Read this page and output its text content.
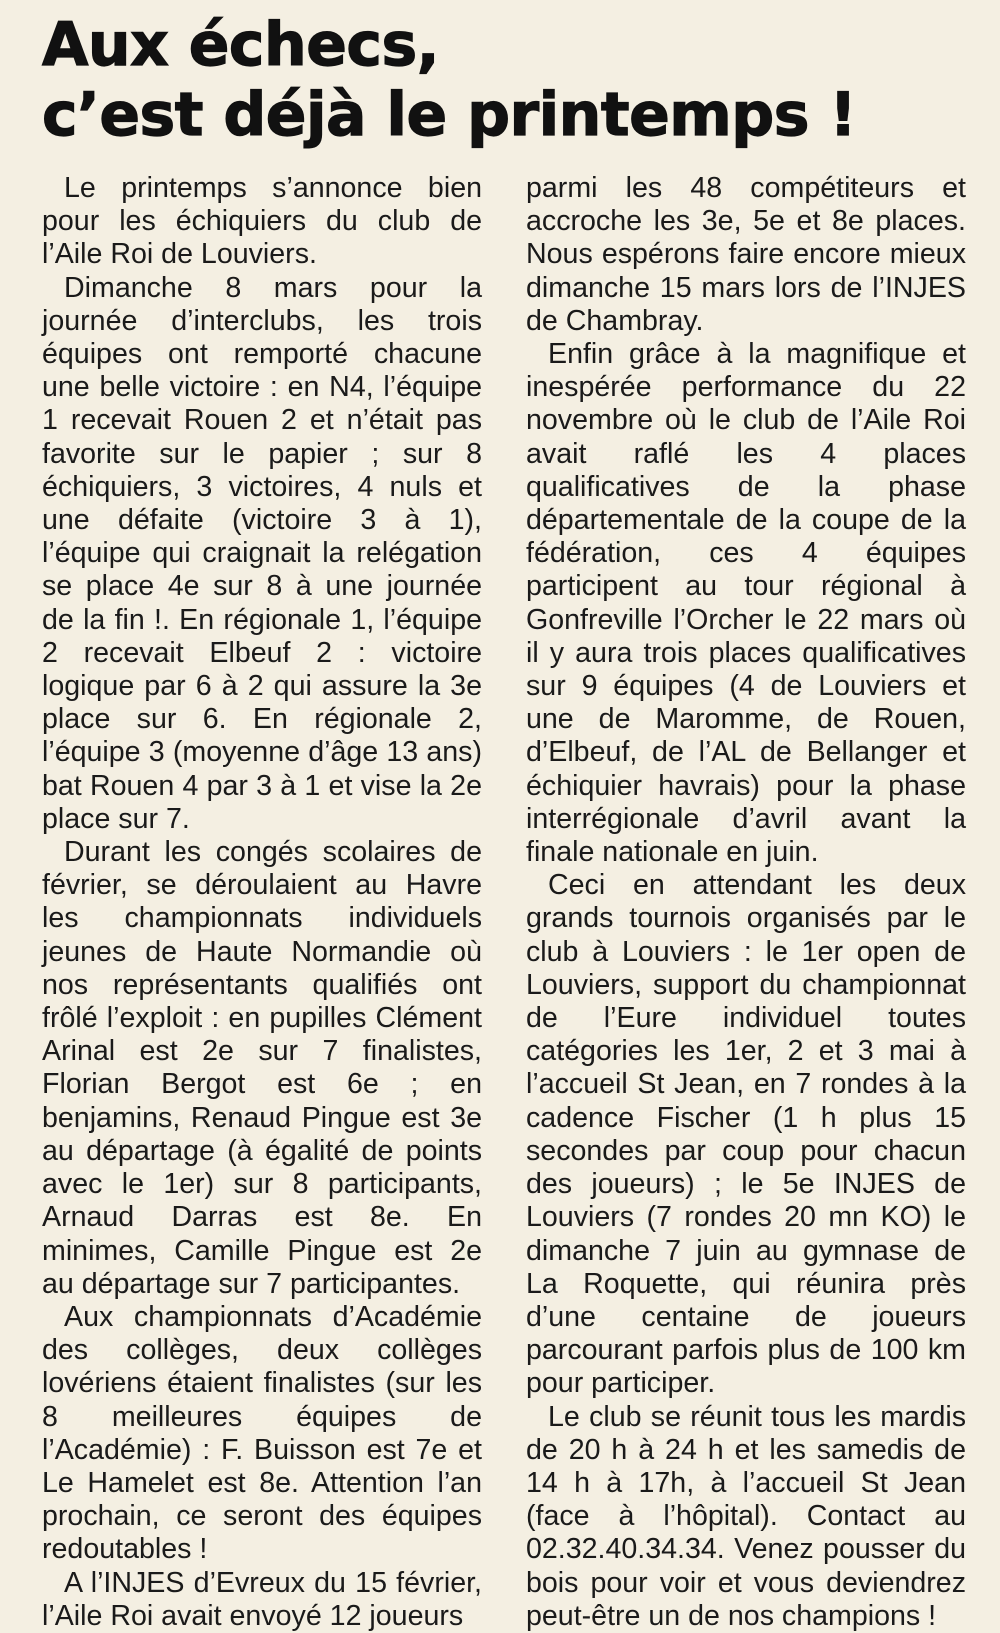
Aux échecs,
c’est déjà le printemps !

Le printemps s’annonce bien pour les échiquiers du club de l’Aile Roi de Louviers.

Dimanche 8 mars pour la journée d’interclubs, les trois équipes ont remporté chacune une belle victoire : en N4, l’équipe 1 recevait Rouen 2 et n’était pas favorite sur le papier ; sur 8 échiquiers, 3 victoires, 4 nuls et une défaite (victoire 3 à 1), l’équipe qui craignait la relégation se place 4e sur 8 à une journée de la fin !. En régionale 1, l’équipe 2 recevait Elbeuf 2 : victoire logique par 6 à 2 qui assure la 3e place sur 6. En régionale 2, l’équipe 3 (moyenne d’âge 13 ans) bat Rouen 4 par 3 à 1 et vise la 2e place sur 7.

Durant les congés scolaires de février, se déroulaient au Havre les championnats individuels jeunes de Haute Normandie où nos représentants qualifiés ont frôlé l’exploit : en pupilles Clément Arinal est 2e sur 7 finalistes, Florian Bergot est 6e ; en benjamins, Renaud Pingue est 3e au départage (à égalité de points avec le 1er) sur 8 participants, Arnaud Darras est 8e. En minimes, Camille Pingue est 2e au départage sur 7 participantes.

Aux championnats d’Académie des collèges, deux collèges lovériens étaient finalistes (sur les 8 meilleures équipes de l’Académie) : F. Buisson est 7e et Le Hamelet est 8e. Attention l’an prochain, ce seront des équipes redoutables !

A l’INJES d’Evreux du 15 février, l’Aile Roi avait envoyé 12 joueurs

parmi les 48 compétiteurs et accroche les 3e, 5e et 8e places. Nous espérons faire encore mieux dimanche 15 mars lors de l’INJES de Chambray.

Enfin grâce à la magnifique et inespérée performance du 22 novembre où le club de l’Aile Roi avait raflé les 4 places qualificatives de la phase départementale de la coupe de la fédération, ces 4 équipes participent au tour régional à Gonfreville l’Orcher le 22 mars où il y aura trois places qualificatives sur 9 équipes (4 de Louviers et une de Maromme, de Rouen, d’Elbeuf, de l’AL de Bellanger et échiquier havrais) pour la phase interrégionale d’avril avant la finale nationale en juin.

Ceci en attendant les deux grands tournois organisés par le club à Louviers : le 1er open de Louviers, support du championnat de l’Eure individuel toutes catégories les 1er, 2 et 3 mai à l’accueil St Jean, en 7 rondes à la cadence Fischer (1 h plus 15 secondes par coup pour chacun des joueurs) ; le 5e INJES de Louviers (7 rondes 20 mn KO) le dimanche 7 juin au gymnase de La Roquette, qui réunira près d’une centaine de joueurs parcourant parfois plus de 100 km pour participer.

Le club se réunit tous les mardis de 20 h à 24 h et les samedis de 14 h à 17h, à l’accueil St Jean (face à l’hôpital). Contact au 02.32.40.34.34. Venez pousser du bois pour voir et vous deviendrez peut-être un de nos champions !
